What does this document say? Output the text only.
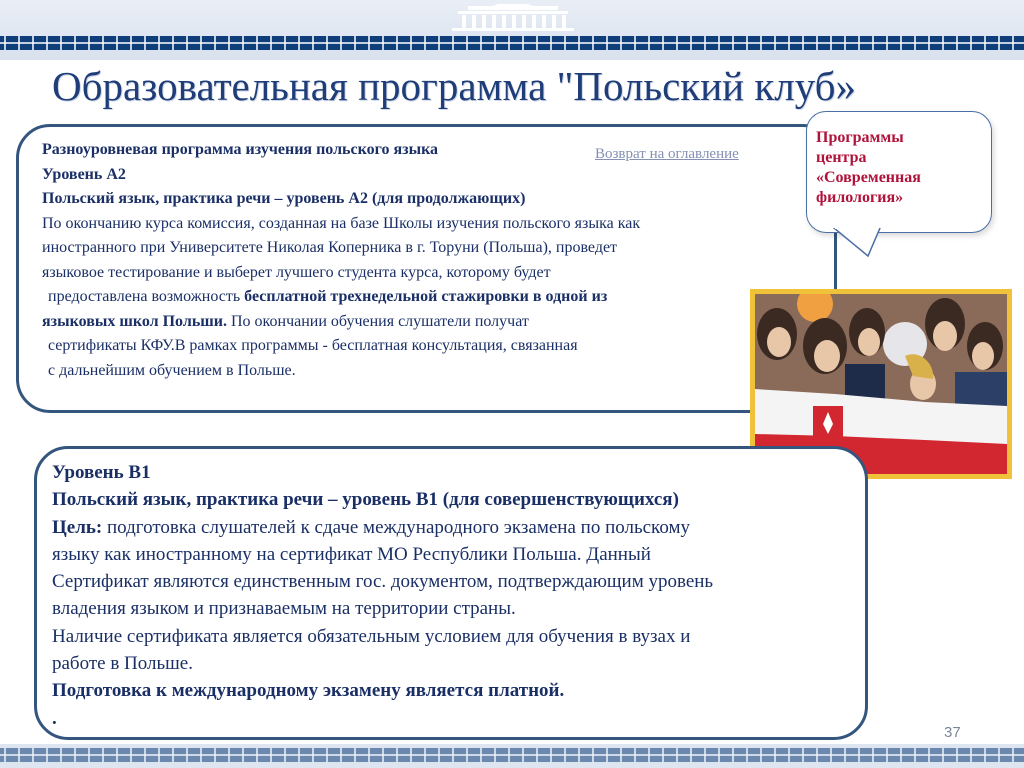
Образовательная программа "Польский клуб»
Разноуровневая программа изучения польского языка
Уровень А2
Польский язык, практика речи – уровень А2 (для продолжающих)
По окончанию курса комиссия, созданная на базе Школы изучения польского языка как
иностранного при Университете Николая Коперника в г. Торуни (Польша), проведет
языковое тестирование и выберет лучшего студента курса, которому будет
предоставлена возможность бесплатной трехнедельной стажировки в одной из
языковых школ Польши. По окончании обучения слушатели получат
сертификаты КФУ.В рамках программы - бесплатная консультация, связанная
с дальнейшим обучением в Польше.
Возврат на оглавление
Программы
центра
«Современная
филология»
Уровень В1
Польский язык, практика речи – уровень В1 (для совершенствующихся)
Цель: подготовка слушателей к сдаче международного экзамена по польскому
языку как иностранному на сертификат МО Республики Польша. Данный
Сертификат являются единственным гос. документом, подтверждающим уровень
владения языком и признаваемым на территории страны.
Наличие сертификата является обязательным условием для обучения в вузах и
работе в Польше.
Подготовка к международному экзамену является платной.
.
37
